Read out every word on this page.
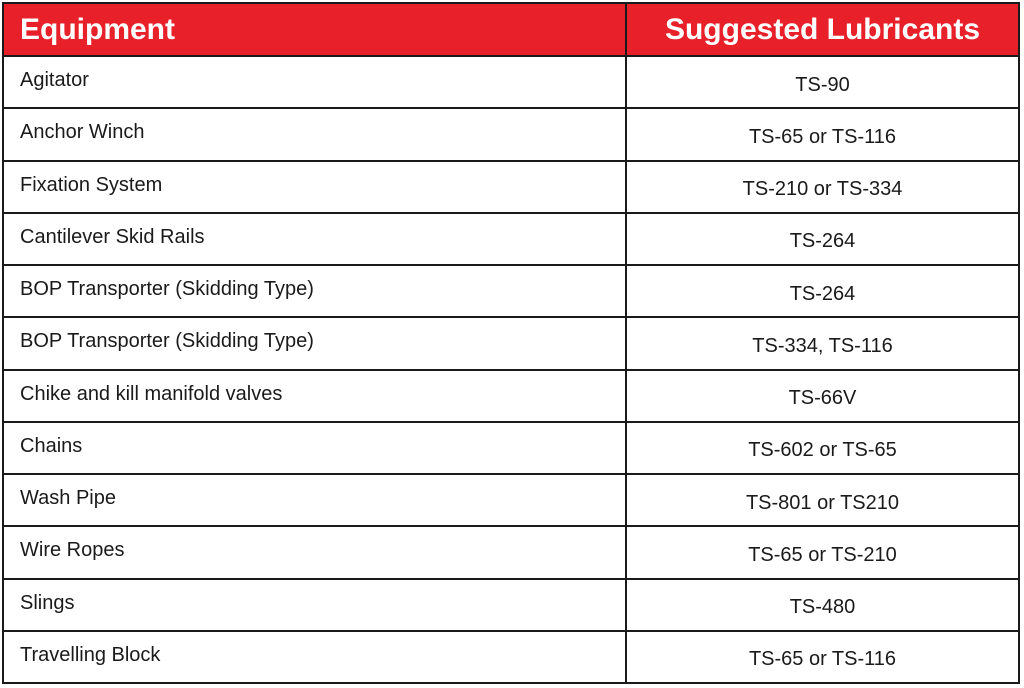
Equipment	Suggested Lubricants
Agitator	TS-90
Anchor Winch	TS-65 or TS-116
Fixation System	TS-210 or TS-334
Cantilever Skid Rails	TS-264
BOP Transporter (Skidding Type)	TS-264
BOP Transporter (Skidding Type)	TS-334, TS-116
Chike and kill manifold valves	TS-66V
Chains	TS-602 or TS-65
Wash Pipe	TS-801 or TS210
Wire Ropes	TS-65 or TS-210
Slings	TS-480
Travelling Block	TS-65 or TS-116
